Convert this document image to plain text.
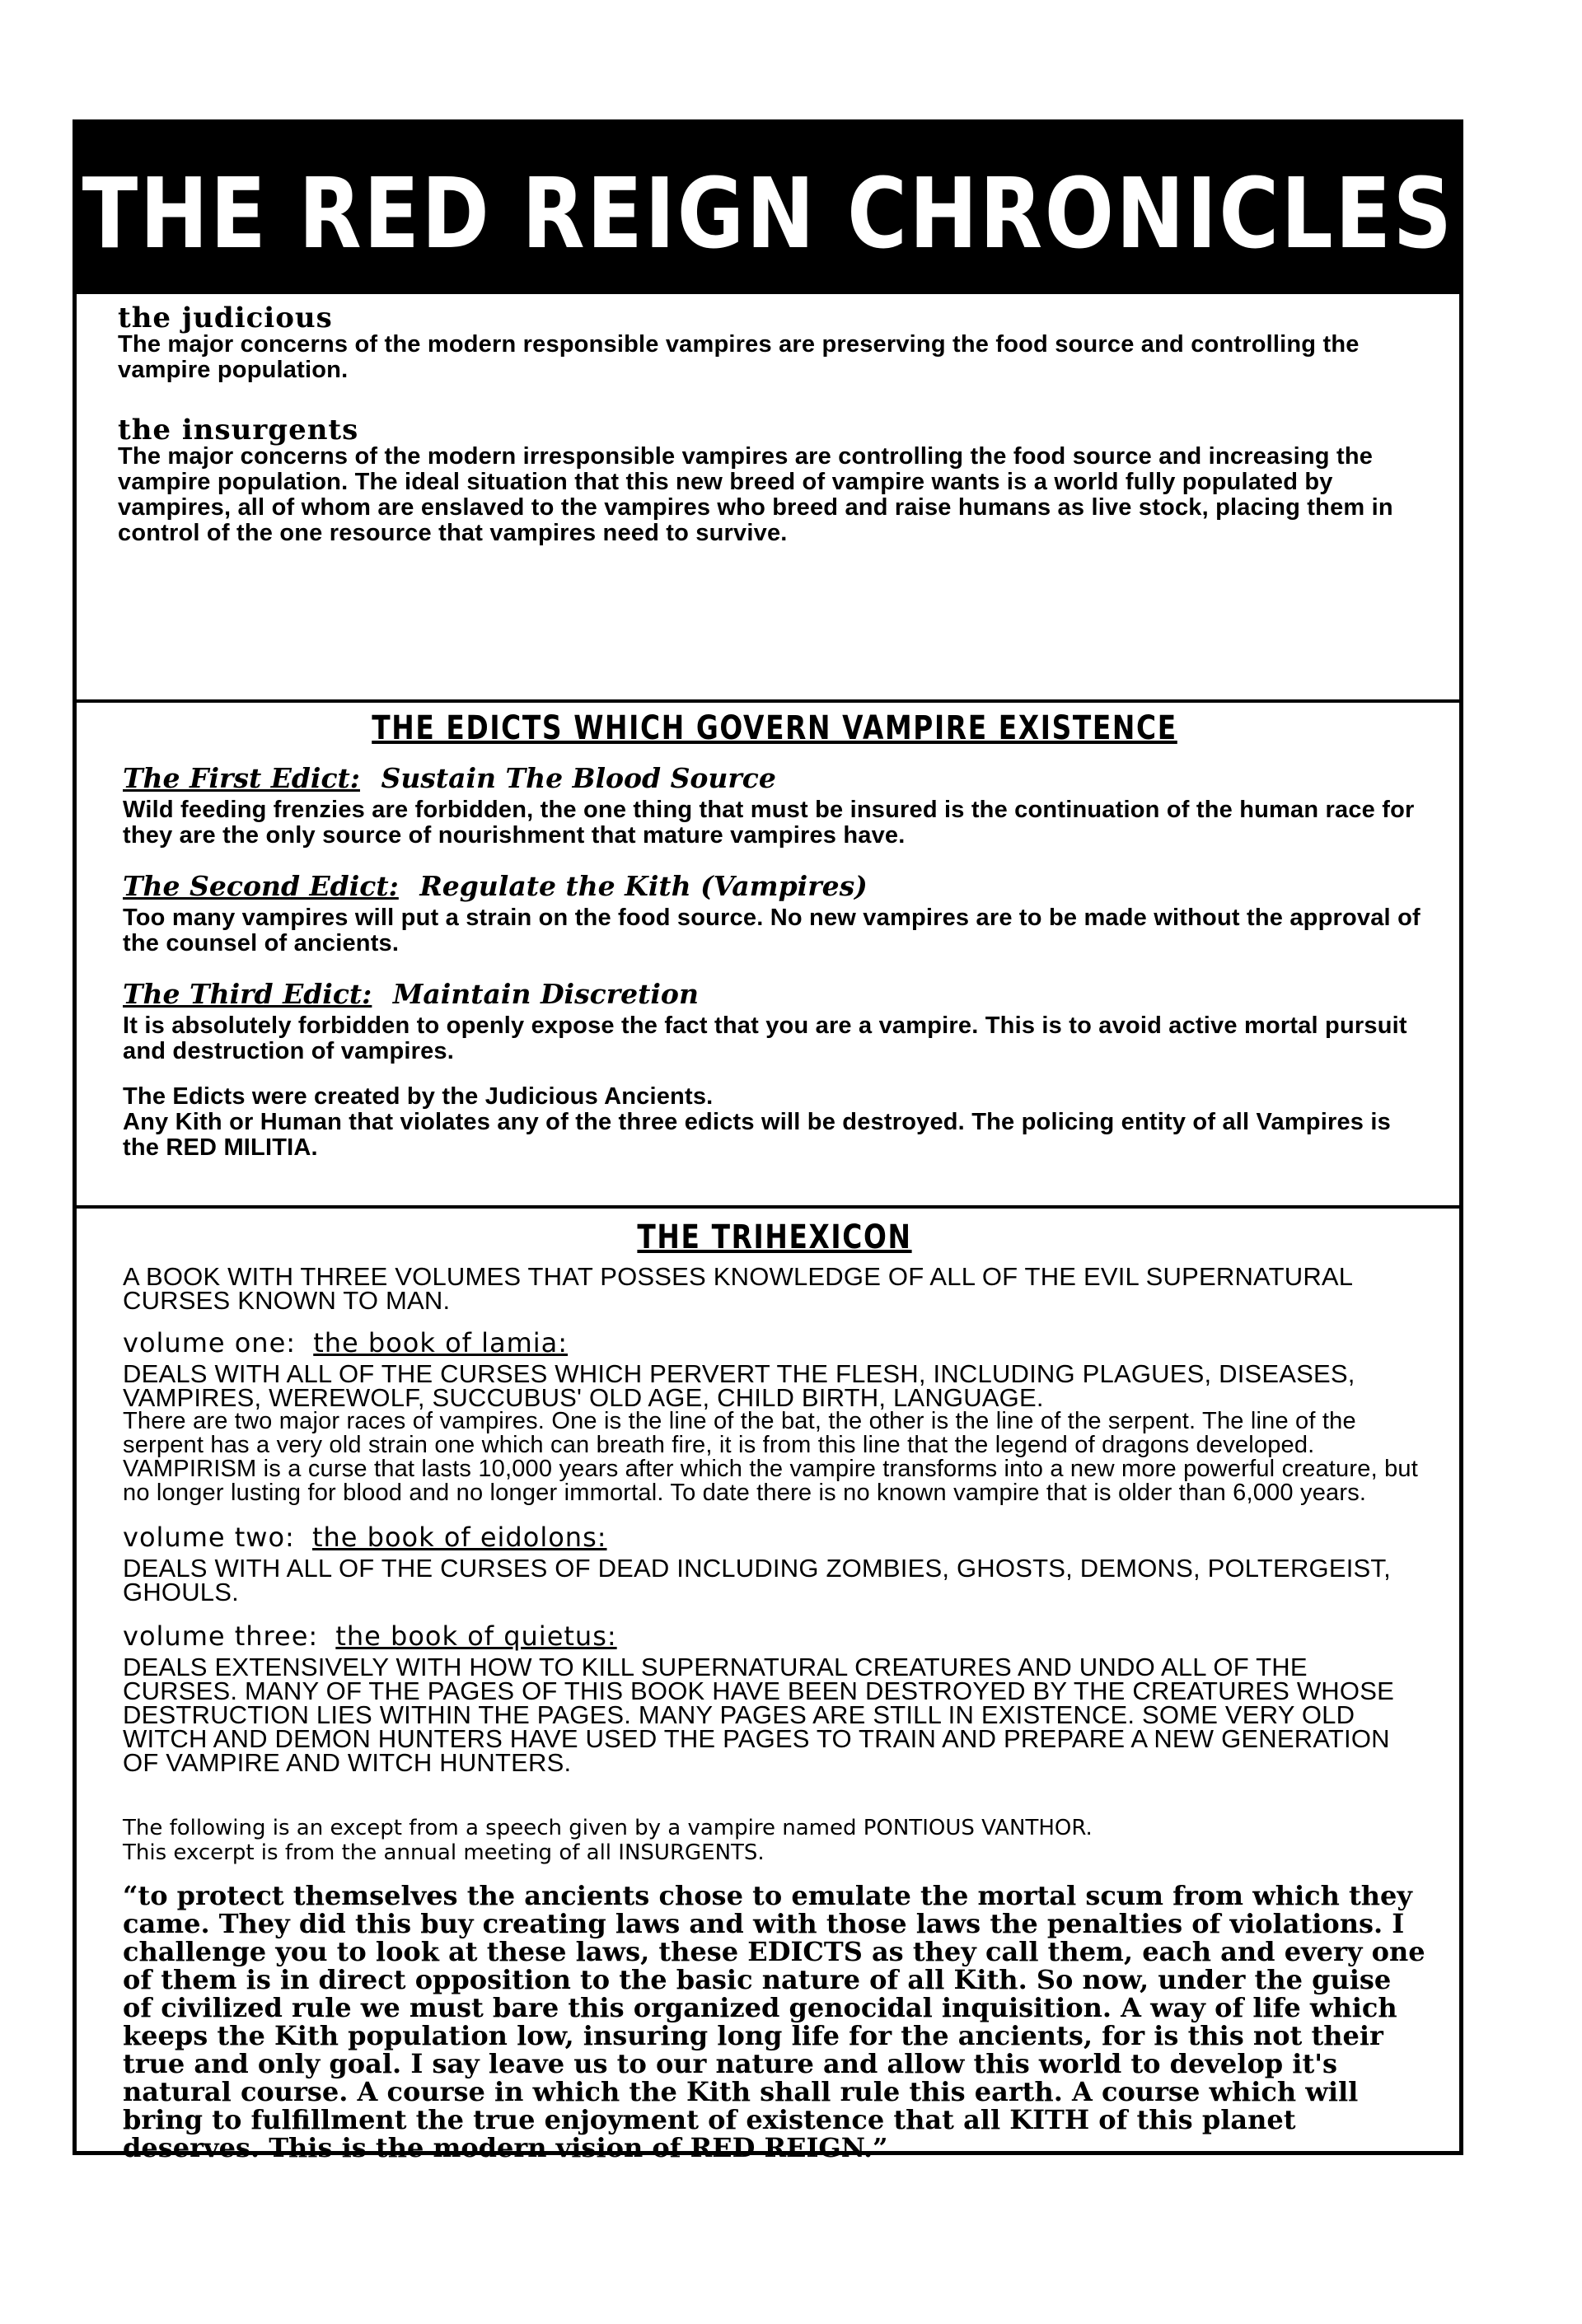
THE RED REIGN CHRONICLES
the judicious

The major concerns of the modern responsible vampires are preserving the food source and controlling the vampire population.

the insurgents

The major concerns of the modern irresponsible vampires are controlling the food source and increasing the vampire population. The ideal situation that this new breed of vampire wants is a world fully populated by vampires, all of whom are enslaved to the vampires who breed and raise humans as live stock, placing them in control of the one resource that vampires need to survive.

THE EDICTS WHICH GOVERN VAMPIRE EXISTENCE
The First Edict: Sustain The Blood Source

Wild feeding frenzies are forbidden, the one thing that must be insured is the continuation of the human race for they are the only source of nourishment that mature vampires have.

The Second Edict: Regulate the Kith (Vampires)

Too many vampires will put a strain on the food source. No new vampires are to be made without the approval of the counsel of ancients.

The Third Edict: Maintain Discretion

It is absolutely forbidden to openly expose the fact that you are a vampire. This is to avoid active mortal pursuit and destruction of vampires.

The Edicts were created by the Judicious Ancients.

Any Kith or Human that violates any of the three edicts will be destroyed. The policing entity of all Vampires is the RED MILITIA.

THE TRIHEXICON

A BOOK WITH THREE VOLUMES THAT POSSES KNOWLEDGE OF ALL OF THE EVIL SUPERNATURAL CURSES KNOWN TO MAN.

volume one: the book of lamia:

DEALS WITH ALL OF THE CURSES WHICH PERVERT THE FLESH, INCLUDING PLAGUES, DISEASES, VAMPIRES, WEREWOLF, SUCCUBUS' OLD AGE, CHILD BIRTH, LANGUAGE.

There are two major races of vampires. One is the line of the bat, the other is the line of the serpent. The line of the serpent has a very old strain one which can breath fire, it is from this line that the legend of dragons developed. VAMPIRISM is a curse that lasts 10,000 years after which the vampire transforms into a new more powerful creature, but no longer lusting for blood and no longer immortal. To date there is no known vampire that is older than 6,000 years.

volume two: the book of eidolons:

DEALS WITH ALL OF THE CURSES OF DEAD INCLUDING ZOMBIES, GHOSTS, DEMONS, POLTERGEIST, GHOULS.

volume three: the book of quietus:

DEALS EXTENSIVELY WITH HOW TO KILL SUPERNATURAL CREATURES AND UNDO ALL OF THE CURSES. MANY OF THE PAGES OF THIS BOOK HAVE BEEN DESTROYED BY THE CREATURES WHOSE DESTRUCTION LIES WITHIN THE PAGES. MANY PAGES ARE STILL IN EXISTENCE. SOME VERY OLD WITCH AND DEMON HUNTERS HAVE USED THE PAGES TO TRAIN AND PREPARE A NEW GENERATION OF VAMPIRE AND WITCH HUNTERS.

The following is an except from a speech given by a vampire named PONTIOUS VANTHOR.

This excerpt is from the annual meeting of all INSURGENTS.

“to protect themselves the ancients chose to emulate the mortal scum from which they came. They did this buy creating laws and with those laws the penalties of violations. I challenge you to look at these laws, these EDICTS as they call them, each and every one of them is in direct opposition to the basic nature of all Kith. So now, under the guise of civilized rule we must bare this organized genocidal inquisition. A way of life which keeps the Kith population low, insuring long life for the ancients, for is this not their true and only goal. I say leave us to our nature and allow this world to develop it's natural course. A course in which the Kith shall rule this earth. A course which will bring to fulfillment the true enjoyment of existence that all KITH of this planet deserves. This is the modern vision of RED REIGN.”
